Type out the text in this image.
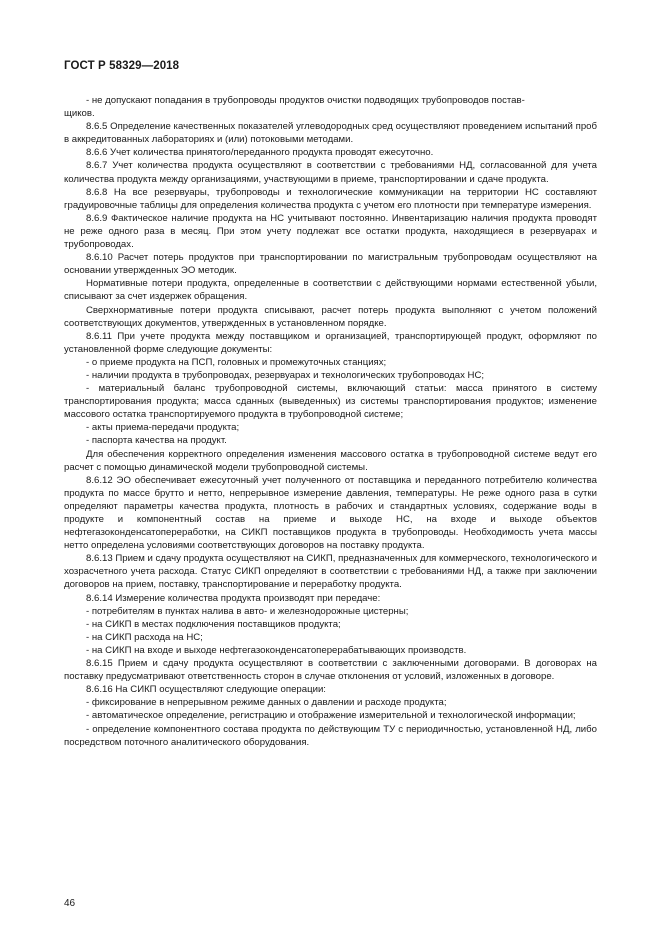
ГОСТ Р 58329—2018

- не допускают попадания в трубопроводы продуктов очистки подводящих трубопроводов постав-

щиков.

8.6.5 Определение качественных показателей углеводородных сред осуществляют проведением испытаний проб в аккредитованных лабораториях и (или) потоковыми методами.

8.6.6 Учет количества принятого/переданного продукта проводят ежесуточно.

8.6.7 Учет количества продукта осуществляют в соответствии с требованиями НД, согласованной для учета количества продукта между организациями, участвующими в приеме, транспортировании и сдаче продукта.

8.6.8 На все резервуары, трубопроводы и технологические коммуникации на территории НС составляют градуировочные таблицы для определения количества продукта с учетом его плотности при температуре измерения.

8.6.9 Фактическое наличие продукта на НС учитывают постоянно. Инвентаризацию наличия продукта проводят не реже одного раза в месяц. При этом учету подлежат все остатки продукта, находящиеся в резервуарах и трубопроводах.

8.6.10 Расчет потерь продуктов при транспортировании по магистральным трубопроводам осуществляют на основании утвержденных ЭО методик.

Нормативные потери продукта, определенные в соответствии с действующими нормами естественной убыли, списывают за счет издержек обращения.

Сверхнормативные потери продукта списывают, расчет потерь продукта выполняют с учетом положений соответствующих документов, утвержденных в установленном порядке.

8.6.11 При учете продукта между поставщиком и организацией, транспортирующей продукт, оформляют по установленной форме следующие документы:

- о приеме продукта на ПСП, головных и промежуточных станциях;

- наличии продукта в трубопроводах, резервуарах и технологических трубопроводах НС;

- материальный баланс трубопроводной системы, включающий статьи: масса принятого в систему транспортирования продукта; масса сданных (выведенных) из системы транспортирования продуктов; изменение массового остатка транспортируемого продукта в трубопроводной системе;

- акты приема-передачи продукта;

- паспорта качества на продукт.

Для обеспечения корректного определения изменения массового остатка в трубопроводной системе ведут его расчет с помощью динамической модели трубопроводной системы.

8.6.12 ЭО обеспечивает ежесуточный учет полученного от поставщика и переданного потребителю количества продукта по массе брутто и нетто, непрерывное измерение давления, температуры. Не реже одного раза в сутки определяют параметры качества продукта, плотность в рабочих и стандартных условиях, содержание воды в продукте и компонентный состав на приеме и выходе НС, на входе и выходе объектов нефтегазоконденсатопереработки, на СИКП поставщиков продукта в трубопроводы. Необходимость учета массы нетто определена условиями соответствующих договоров на поставку продукта.

8.6.13 Прием и сдачу продукта осуществляют на СИКП, предназначенных для коммерческого, технологического и хозрасчетного учета расхода. Статус СИКП определяют в соответствии с требованиями НД, а также при заключении договоров на прием, поставку, транспортирование и переработку продукта.

8.6.14 Измерение количества продукта производят при передаче:

- потребителям в пунктах налива в авто- и железнодорожные цистерны;

- на СИКП в местах подключения поставщиков продукта;

- на СИКП расхода на НС;

- на СИКП на входе и выходе нефтегазоконденсатоперерабатывающих производств.

8.6.15 Прием и сдачу продукта осуществляют в соответствии с заключенными договорами. В договорах на поставку предусматривают ответственность сторон в случае отклонения от условий, изложенных в договоре.

8.6.16 На СИКП осуществляют следующие операции:

- фиксирование в непрерывном режиме данных о давлении и расходе продукта;

- автоматическое определение, регистрацию и отображение измерительной и технологической информации;

- определение компонентного состава продукта по действующим ТУ с периодичностью, установленной НД, либо посредством поточного аналитического оборудования.

46
